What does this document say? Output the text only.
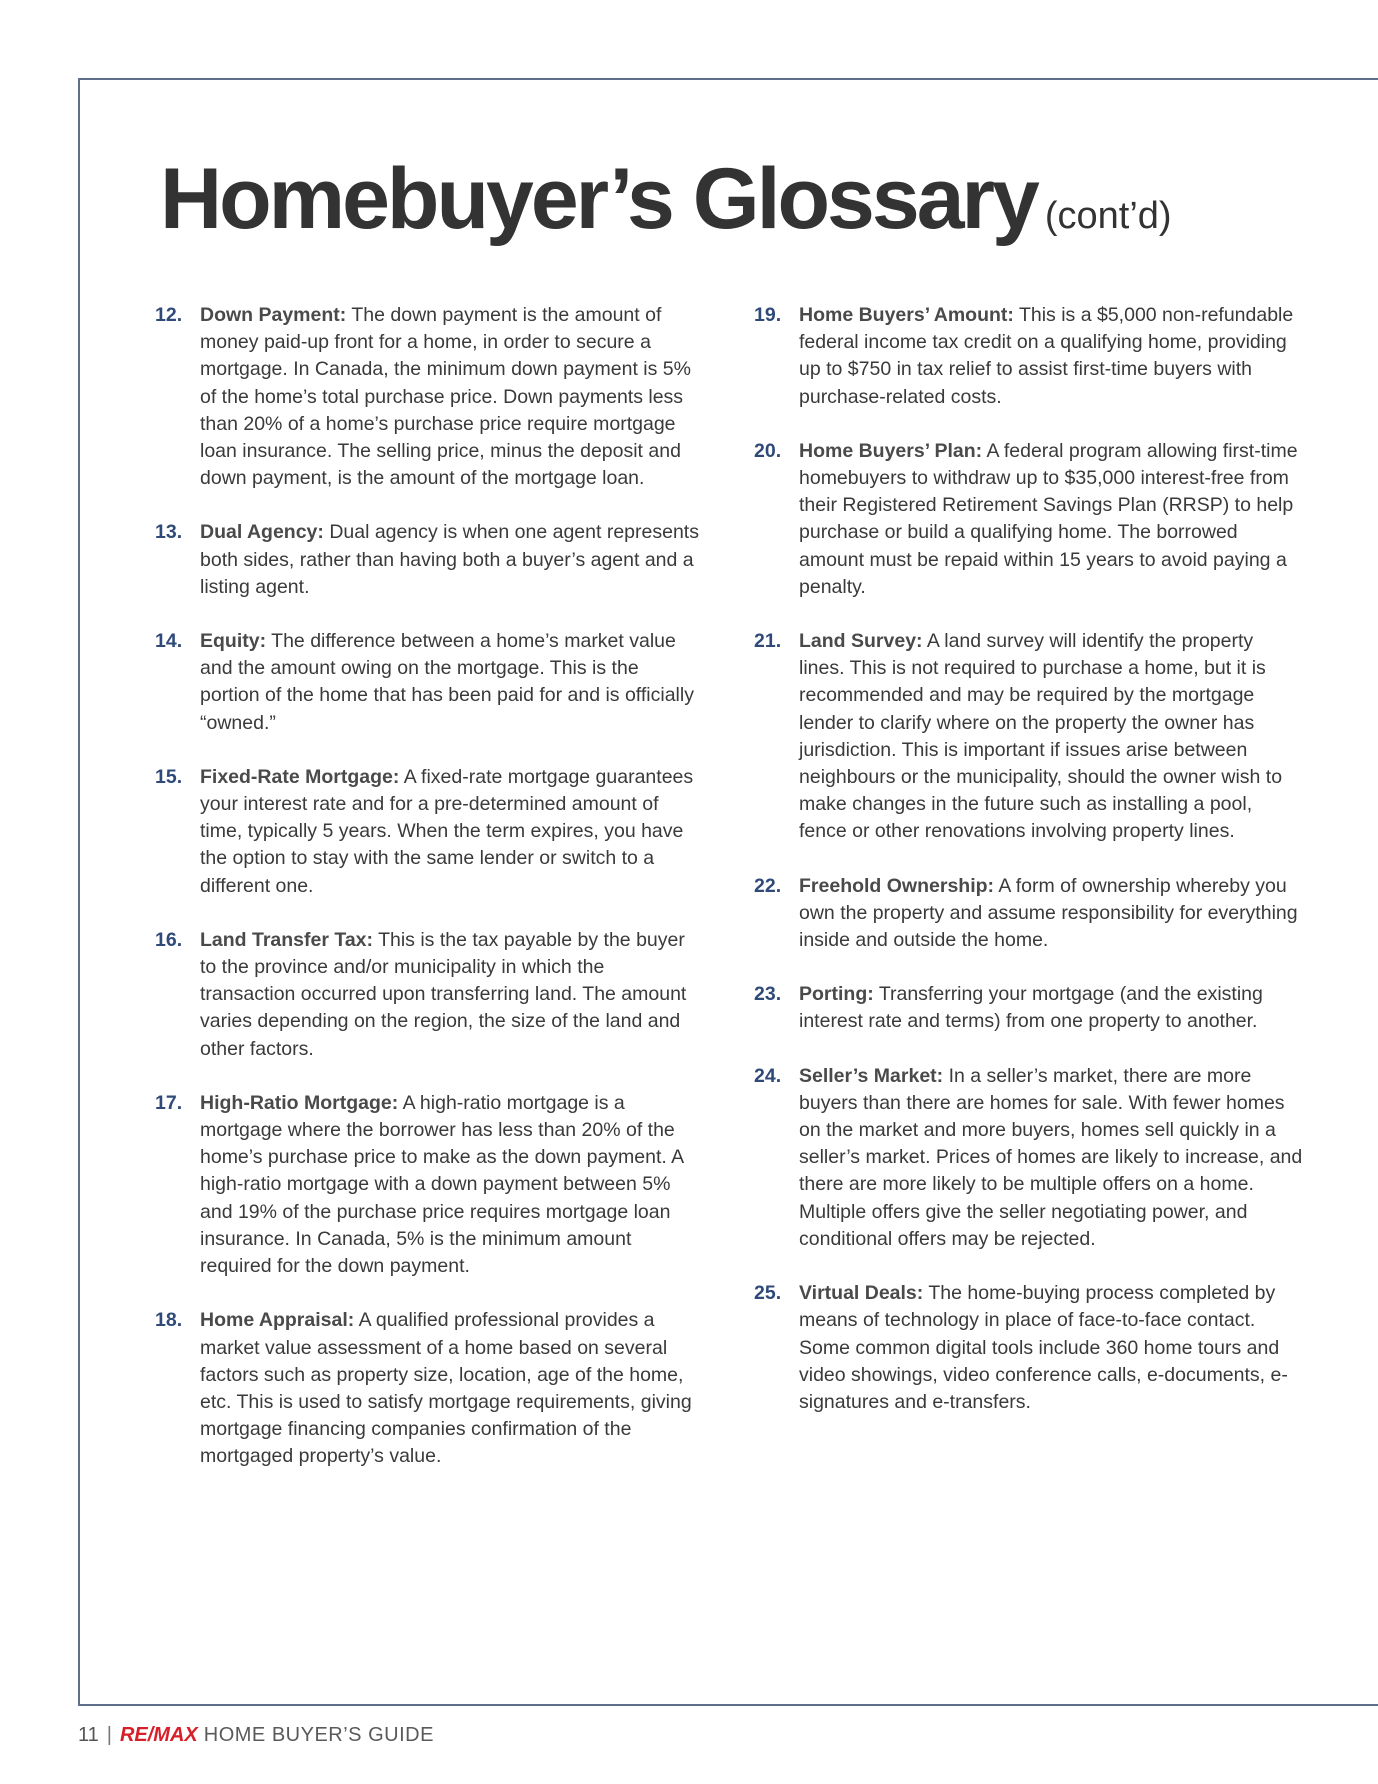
Homebuyer’s Glossary (cont’d)
12. Down Payment: The down payment is the amount of money paid-up front for a home, in order to secure a mortgage. In Canada, the minimum down payment is 5% of the home’s total purchase price. Down payments less than 20% of a home’s purchase price require mortgage loan insurance. The selling price, minus the deposit and down payment, is the amount of the mortgage loan.
13. Dual Agency: Dual agency is when one agent represents both sides, rather than having both a buyer’s agent and a listing agent.
14. Equity: The difference between a home’s market value and the amount owing on the mortgage. This is the portion of the home that has been paid for and is officially “owned.”
15. Fixed-Rate Mortgage: A fixed-rate mortgage guarantees your interest rate and for a pre-determined amount of time, typically 5 years. When the term expires, you have the option to stay with the same lender or switch to a different one.
16. Land Transfer Tax: This is the tax payable by the buyer to the province and/or municipality in which the transaction occurred upon transferring land. The amount varies depending on the region, the size of the land and other factors.
17. High-Ratio Mortgage: A high-ratio mortgage is a mortgage where the borrower has less than 20% of the home’s purchase price to make as the down payment. A high-ratio mortgage with a down payment between 5% and 19% of the purchase price requires mortgage loan insurance. In Canada, 5% is the minimum amount required for the down payment.
18. Home Appraisal: A qualified professional provides a market value assessment of a home based on several factors such as property size, location, age of the home, etc. This is used to satisfy mortgage requirements, giving mortgage financing companies confirmation of the mortgaged property’s value.
19. Home Buyers’ Amount: This is a $5,000 non-refundable federal income tax credit on a qualifying home, providing up to $750 in tax relief to assist first-time buyers with purchase-related costs.
20. Home Buyers’ Plan: A federal program allowing first-time homebuyers to withdraw up to $35,000 interest-free from their Registered Retirement Savings Plan (RRSP) to help purchase or build a qualifying home. The borrowed amount must be repaid within 15 years to avoid paying a penalty.
21. Land Survey: A land survey will identify the property lines. This is not required to purchase a home, but it is recommended and may be required by the mortgage lender to clarify where on the property the owner has jurisdiction. This is important if issues arise between neighbours or the municipality, should the owner wish to make changes in the future such as installing a pool, fence or other renovations involving property lines.
22. Freehold Ownership: A form of ownership whereby you own the property and assume responsibility for everything inside and outside the home.
23. Porting: Transferring your mortgage (and the existing interest rate and terms) from one property to another.
24. Seller’s Market: In a seller’s market, there are more buyers than there are homes for sale. With fewer homes on the market and more buyers, homes sell quickly in a seller’s market. Prices of homes are likely to increase, and there are more likely to be multiple offers on a home. Multiple offers give the seller negotiating power, and conditional offers may be rejected.
25. Virtual Deals: The home-buying process completed by means of technology in place of face-to-face contact. Some common digital tools include 360 home tours and video showings, video conference calls, e-documents, e-signatures and e-transfers.
11 | RE/MAX HOME BUYER’S GUIDE
